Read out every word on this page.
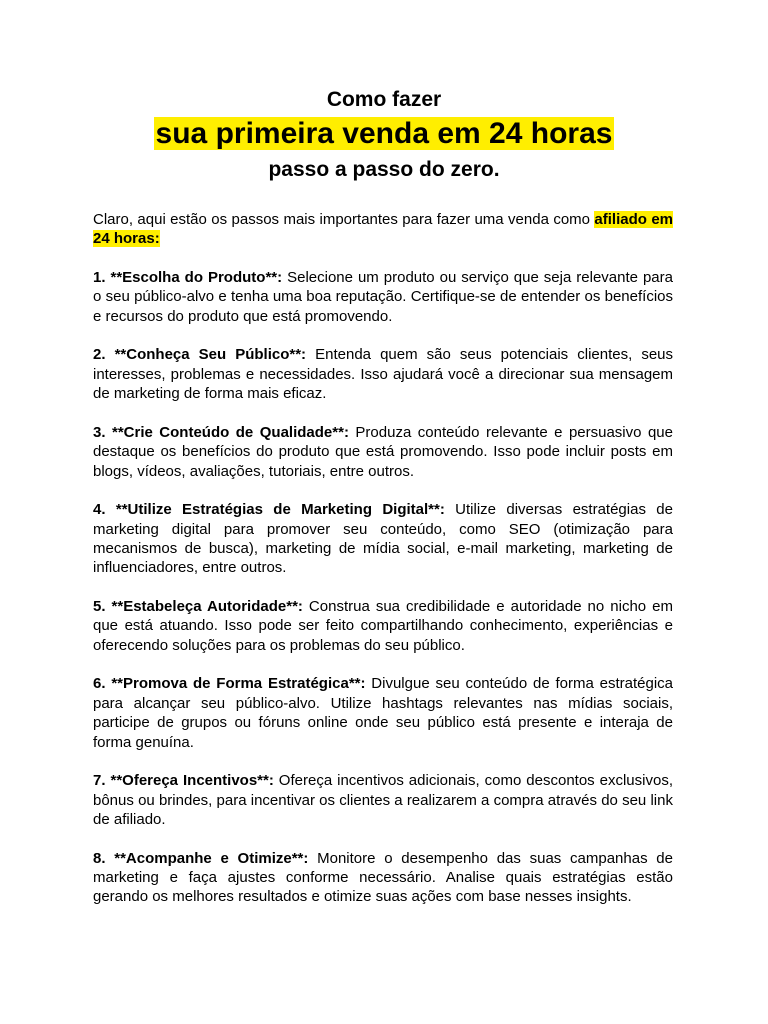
Como fazer
sua primeira venda em 24 horas
passo a passo do zero.

Claro, aqui estão os passos mais importantes para fazer uma venda como afiliado em 24 horas:

1. **Escolha do Produto**: Selecione um produto ou serviço que seja relevante para o seu público-alvo e tenha uma boa reputação. Certifique-se de entender os benefícios e recursos do produto que está promovendo.

2. **Conheça Seu Público**: Entenda quem são seus potenciais clientes, seus interesses, problemas e necessidades. Isso ajudará você a direcionar sua mensagem de marketing de forma mais eficaz.

3. **Crie Conteúdo de Qualidade**: Produza conteúdo relevante e persuasivo que destaque os benefícios do produto que está promovendo. Isso pode incluir posts em blogs, vídeos, avaliações, tutoriais, entre outros.

4. **Utilize Estratégias de Marketing Digital**: Utilize diversas estratégias de marketing digital para promover seu conteúdo, como SEO (otimização para mecanismos de busca), marketing de mídia social, e-mail marketing, marketing de influenciadores, entre outros.

5. **Estabeleça Autoridade**: Construa sua credibilidade e autoridade no nicho em que está atuando. Isso pode ser feito compartilhando conhecimento, experiências e oferecendo soluções para os problemas do seu público.

6. **Promova de Forma Estratégica**: Divulgue seu conteúdo de forma estratégica para alcançar seu público-alvo. Utilize hashtags relevantes nas mídias sociais, participe de grupos ou fóruns online onde seu público está presente e interaja de forma genuína.

7. **Ofereça Incentivos**: Ofereça incentivos adicionais, como descontos exclusivos, bônus ou brindes, para incentivar os clientes a realizarem a compra através do seu link de afiliado.

8. **Acompanhe e Otimize**: Monitore o desempenho das suas campanhas de marketing e faça ajustes conforme necessário. Analise quais estratégias estão gerando os melhores resultados e otimize suas ações com base nesses insights.
